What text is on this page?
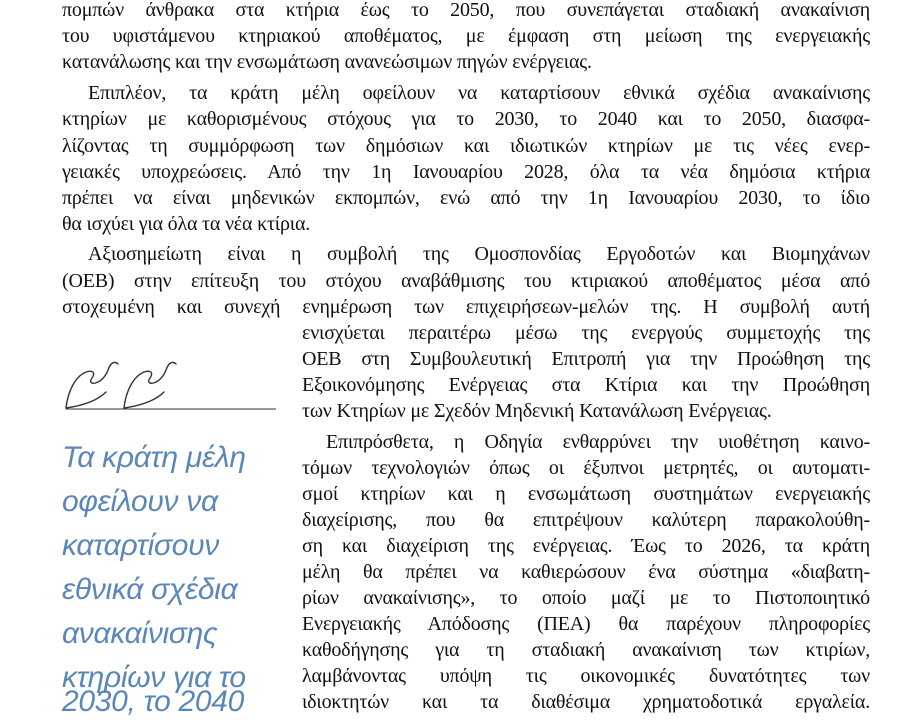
πομπών άνθρακα στα κτήρια έως το 2050, που συνεπάγεται σταδιακή ανακαίνιση
του υφιστάμενου κτηριακού αποθέματος, με έμφαση στη μείωση της ενεργειακής
κατανάλωσης και την ενσωμάτωση ανανεώσιμων πηγών ενέργειας.
Επιπλέον, τα κράτη μέλη οφείλουν να καταρτίσουν εθνικά σχέδια ανακαίνισης
κτηρίων με καθορισμένους στόχους για το 2030, το 2040 και το 2050, διασφα-
λίζοντας τη συμμόρφωση των δημόσιων και ιδιωτικών κτηρίων με τις νέες ενερ-
γειακές υποχρεώσεις. Από την 1η Ιανουαρίου 2028, όλα τα νέα δημόσια κτήρια
πρέπει να είναι μηδενικών εκπομπών, ενώ από την 1η Ιανουαρίου 2030, το ίδιο
θα ισχύει για όλα τα νέα κτίρια.
Αξιοσημείωτη είναι η συμβολή της Ομοσπονδίας Εργοδοτών και Βιομηχάνων
(ΟΕΒ) στην επίτευξη του στόχου αναβάθμισης του κτιριακού αποθέματος μέσα από
στοχευμένη και συνεχή ενημέρωση των επιχειρήσεων-μελών της. Η συμβολή αυτή
ενισχύεται περαιτέρω μέσω της ενεργούς συμμετοχής της
ΟΕΒ στη Συμβουλευτική Επιτροπή για την Προώθηση της
Εξοικονόμησης Ενέργειας στα Κτίρια και την Προώθηση
των Κτηρίων με Σχεδόν Μηδενική Κατανάλωση Ενέργειας.
Επιπρόσθετα, η Οδηγία ενθαρρύνει την υιοθέτηση καινο-
τόμων τεχνολογιών όπως οι έξυπνοι μετρητές, οι αυτοματι-
σμοί κτηρίων και η ενσωμάτωση συστημάτων ενεργειακής
διαχείρισης, που θα επιτρέψουν καλύτερη παρακολούθη-
ση και διαχείριση της ενέργειας. Έως το 2026, τα κράτη
μέλη θα πρέπει να καθιερώσουν ένα σύστημα «διαβατη-
ρίων ανακαίνισης», το οποίο μαζί με το Πιστοποιητικό
Ενεργειακής Απόδοσης (ΠΕΑ) θα παρέχουν πληροφορίες
καθοδήγησης για τη σταδιακή ανακαίνιση των κτιρίων,
λαμβάνοντας υπόψη τις οικονομικές δυνατότητες των
ιδιοκτητών και τα διαθέσιμα χρηματοδοτικά εργαλεία.
Τα κράτη μέλη
οφείλουν να
καταρτίσουν
εθνικά σχέδια
ανακαίνισης
κτηρίων για το
2030, το 2040
